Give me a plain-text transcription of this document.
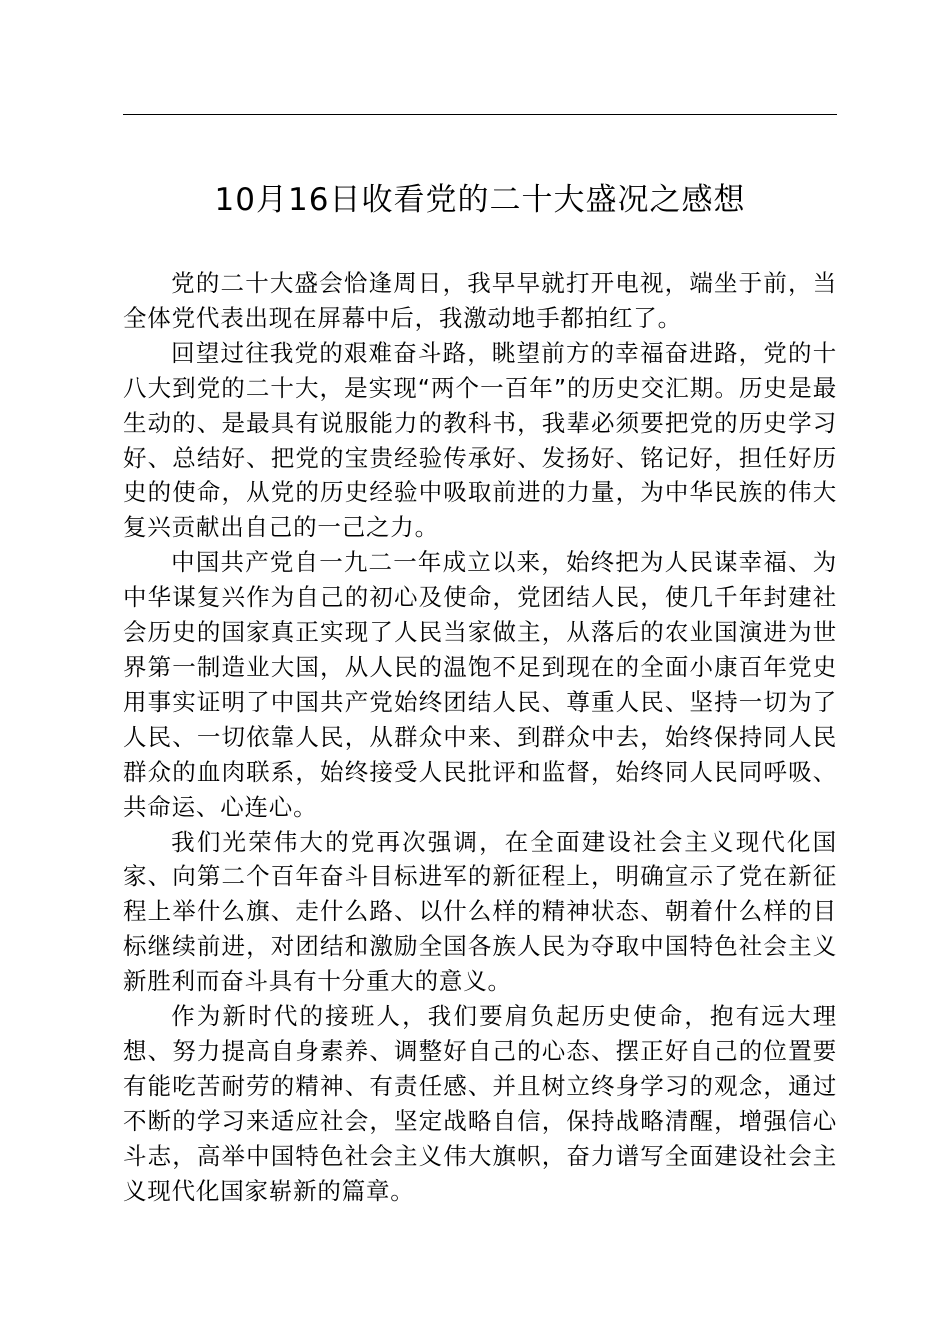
10月16日收看党的二十大盛况之感想

党的二十大盛会恰逢周日，我早早就打开电视，端坐于前，当全体党代表出现在屏幕中后，我激动地手都拍红了。

回望过往我党的艰难奋斗路，眺望前方的幸福奋进路，党的十八大到党的二十大，是实现“两个一百年”的历史交汇期。历史是最生动的、是最具有说服能力的教科书，我辈必须要把党的历史学习好、总结好、把党的宝贵经验传承好、发扬好、铭记好，担任好历史的使命，从党的历史经验中吸取前进的力量，为中华民族的伟大复兴贡献出自己的一己之力。

中国共产党自一九二一年成立以来，始终把为人民谋幸福、为中华谋复兴作为自己的初心及使命，党团结人民，使几千年封建社会历史的国家真正实现了人民当家做主，从落后的农业国演进为世界第一制造业大国，从人民的温饱不足到现在的全面小康百年党史用事实证明了中国共产党始终团结人民、尊重人民、坚持一切为了人民、一切依靠人民，从群众中来、到群众中去，始终保持同人民群众的血肉联系，始终接受人民批评和监督，始终同人民同呼吸、共命运、心连心。

我们光荣伟大的党再次强调，在全面建设社会主义现代化国家、向第二个百年奋斗目标进军的新征程上，明确宣示了党在新征程上举什么旗、走什么路、以什么样的精神状态、朝着什么样的目标继续前进，对团结和激励全国各族人民为夺取中国特色社会主义新胜利而奋斗具有十分重大的意义。

作为新时代的接班人，我们要肩负起历史使命，抱有远大理想、努力提高自身素养、调整好自己的心态、摆正好自己的位置要有能吃苦耐劳的精神、有责任感、并且树立终身学习的观念，通过不断的学习来适应社会，坚定战略自信，保持战略清醒，增强信心斗志，高举中国特色社会主义伟大旗帜，奋力谱写全面建设社会主义现代化国家崭新的篇章。
